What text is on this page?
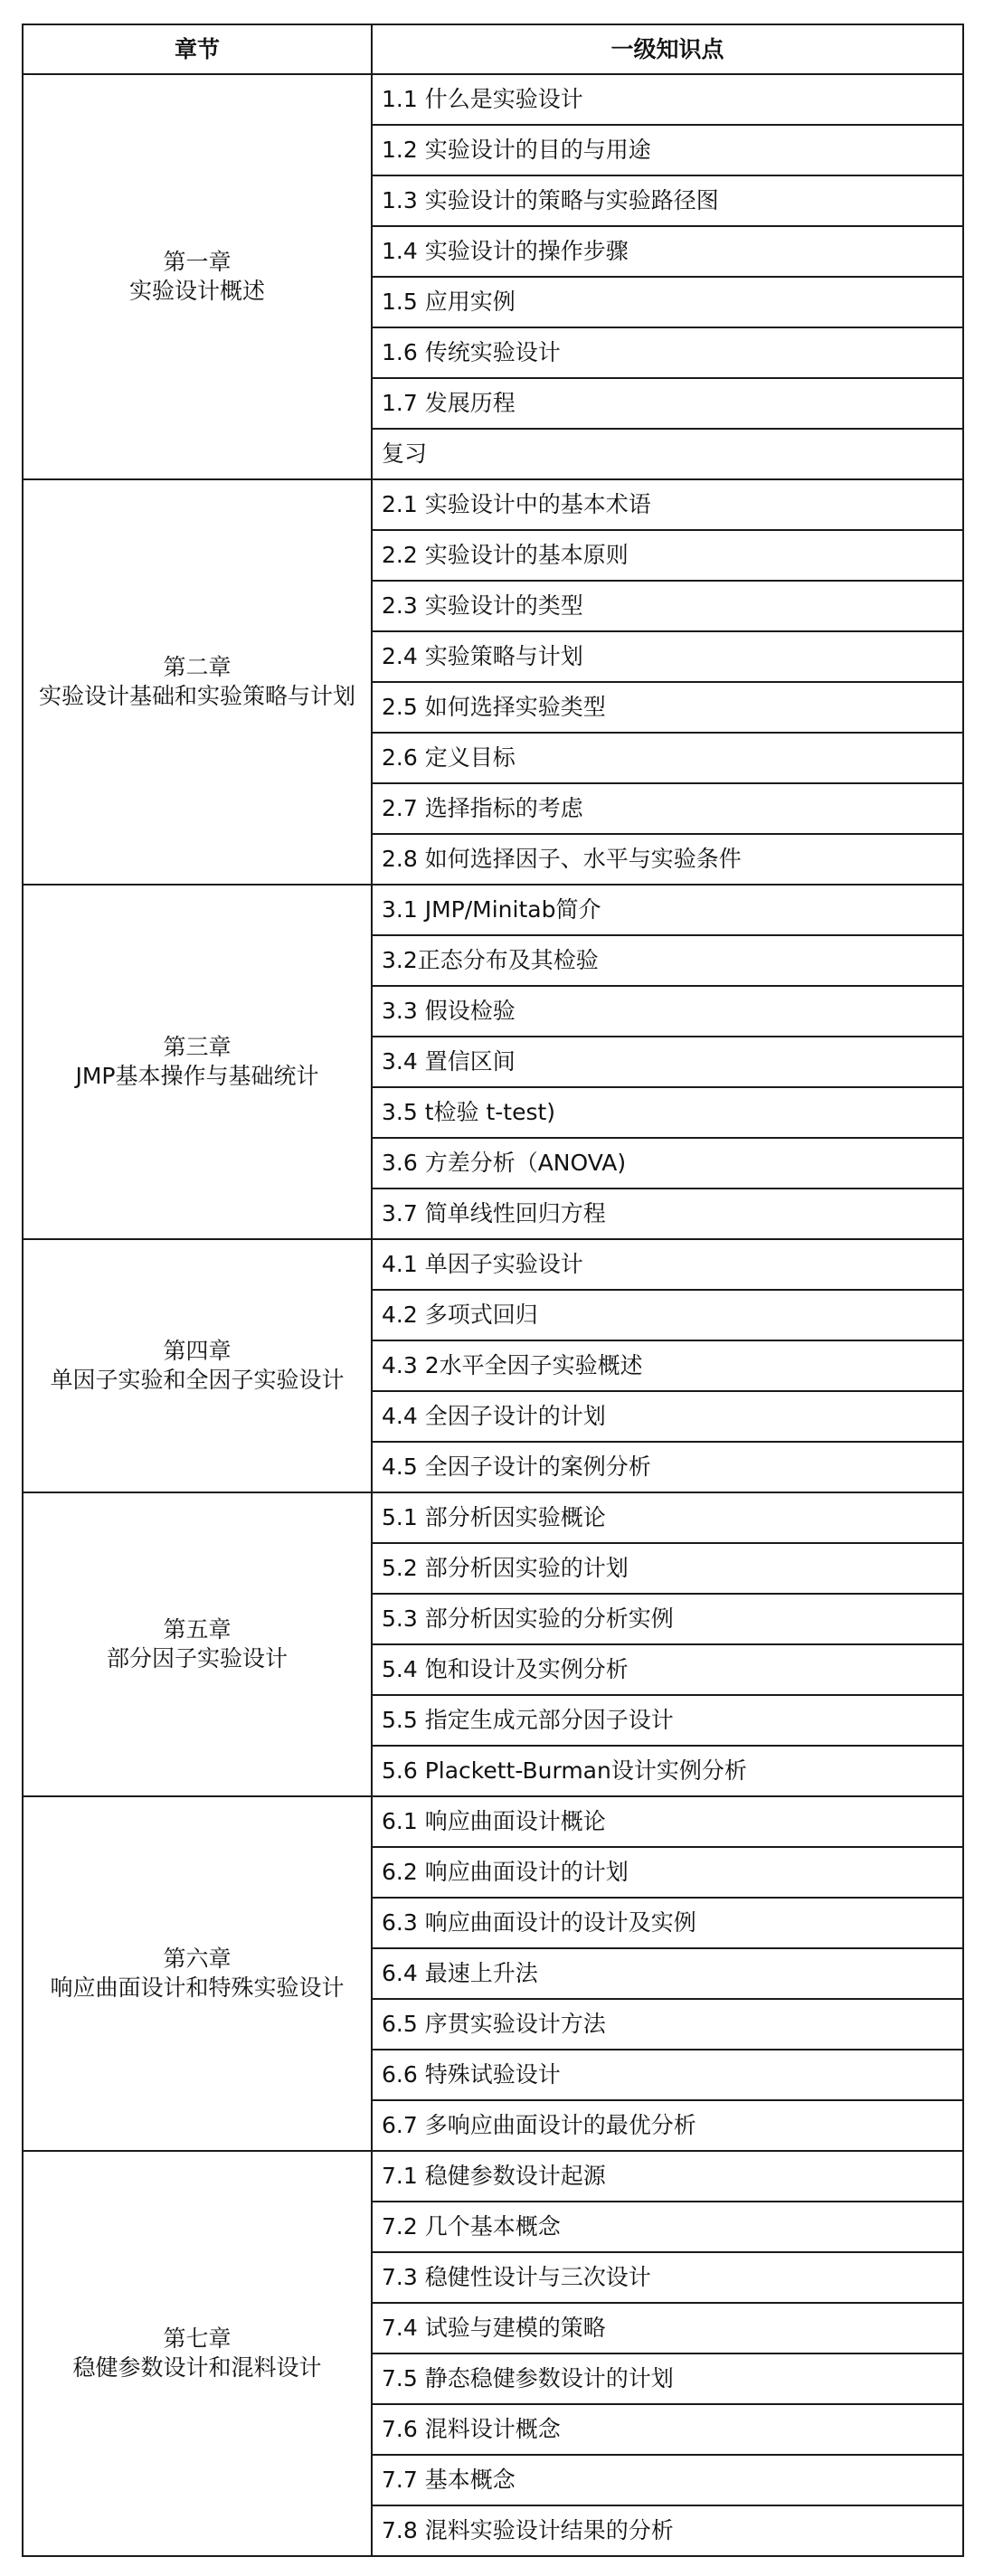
章节	一级知识点

第一章
实验设计概述	1.1 什么是实验设计
	1.2 实验设计的目的与用途
	1.3 实验设计的策略与实验路径图
	1.4 实验设计的操作步骤
	1.5 应用实例
	1.6 传统实验设计
	1.7 发展历程
	复习

第二章
实验设计基础和实验策略与计划	2.1 实验设计中的基本术语
	2.2 实验设计的基本原则
	2.3 实验设计的类型
	2.4 实验策略与计划
	2.5 如何选择实验类型
	2.6 定义目标
	2.7 选择指标的考虑
	2.8 如何选择因子、水平与实验条件

第三章
JMP基本操作与基础统计	3.1 JMP/Minitab简介
	3.2正态分布及其检验
	3.3 假设检验
	3.4 置信区间
	3.5 t检验 t-test)
	3.6 方差分析（ANOVA)
	3.7 简单线性回归方程

第四章
单因子实验和全因子实验设计	4.1 单因子实验设计
	4.2 多项式回归
	4.3 2水平全因子实验概述
	4.4 全因子设计的计划
	4.5 全因子设计的案例分析

第五章
部分因子实验设计	5.1 部分析因实验概论
	5.2 部分析因实验的计划
	5.3 部分析因实验的分析实例
	5.4 饱和设计及实例分析
	5.5 指定生成元部分因子设计
	5.6 Plackett-Burman设计实例分析

第六章
响应曲面设计和特殊实验设计	6.1 响应曲面设计概论
	6.2 响应曲面设计的计划
	6.3 响应曲面设计的设计及实例
	6.4 最速上升法
	6.5 序贯实验设计方法
	6.6 特殊试验设计
	6.7 多响应曲面设计的最优分析

第七章
稳健参数设计和混料设计	7.1 稳健参数设计起源
	7.2 几个基本概念
	7.3 稳健性设计与三次设计
	7.4 试验与建模的策略
	7.5 静态稳健参数设计的计划
	7.6 混料设计概念
	7.7 基本概念
	7.8 混料实验设计结果的分析
